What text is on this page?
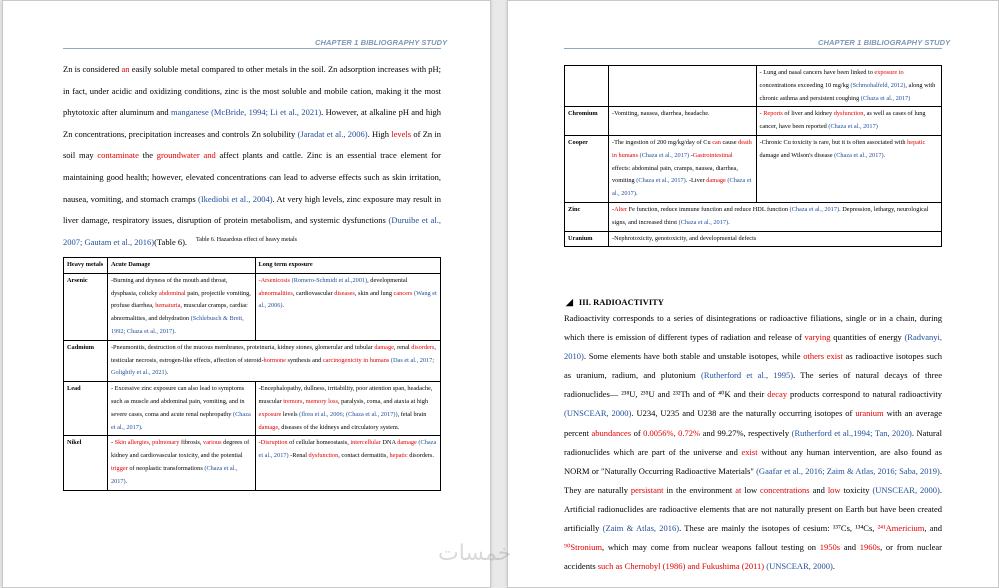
CHAPTER 1 BIBLIOGRAPHY STUDY
Zn is considered an easily soluble metal compared to other metals in the soil. Zn adsorption increases with pH; in fact, under acidic and oxidizing conditions, zinc is the most soluble and mobile cation, making it the most phytotoxic after aluminum and manganese (McBride, 1994; Li et al., 2021). However, at alkaline pH and high Zn concentrations, precipitation increases and controls Zn solubility (Jaradat et al., 2006). High levels of Zn in soil may contaminate the groundwater and affect plants and cattle. Zinc is an essential trace element for maintaining good health; however, elevated concentrations can lead to adverse effects such as skin irritation, nausea, vomiting, and stomach cramps (Ikediobi et al., 2004). At very high levels, zinc exposure may result in liver damage, respiratory issues, disruption of protein metabolism, and systemic dysfunctions (Duruibe et al., 2007; Gautam et al., 2016)(Table 6).	Table 6. Hazardous effect of heavy metals
Heavy metals	Acute Damage	Long term exposure
Arsenic	-Burning and dryness of the mouth and throat, dysphasia, colicky abdominal pain, projectile vomiting, profuse diarrhea, hematuria, muscular cramps, cardiac abnormalities, and dehydration (Schlebusch & Breit, 1992; Chaza et al., 2017).	-Arsenicosis (Romero-Schmidt et al.,2001), developmental abnormalities, cardiovascular diseases, skin and lung cancers (Wang et al., 2006).
Cadmium	-Pneumonitis, destruction of the mucous membranes, proteinuria, kidney stones, glomerular and tubular damage, renal disorders, testicular necrosis, estrogen-like effects, affection of steroid-hormone synthesis and carcinogenicity in humans (Das et al., 2017; Golightly et al., 2021).	
Lead	- Excessive zinc exposure can also lead to symptoms such as muscle and abdominal pain, vomiting, and in severe cases, coma and acute renal nephropathy (Chaza et al., 2017).	-Encephalopathy, dullness, irritability, poor attention span, headache, muscular tremors, memory loss, paralysis, coma, and ataxia at high exposure levels (flora et al., 2006; (Chaza et al., 2017)), fetal brain damage, diseases of the kidneys and circulatory system.
Nikel	- Skin allergies, pulmonary fibrosis, various degrees of kidney and cardiovascular toxicity, and the potential trigger of neoplastic transformations (Chaza et al., 2017).	-Disruption of cellular homeostasis, intercellular DNA damage (Chaza et al., 2017) -Renal dysfunction, contact dermatitis, hepatic disorders.
CHAPTER 1 BIBLIOGRAPHY STUDY
		- Lung and nasal cancers have been linked to exposure to concentrations exceeding 10 mg/kg (Schmohalfeld, 2012), along with chronic asthma and persistent coughing (Chaza et al., 2017)
Chromium	-Vomiting, nausea, diarrhea, headache.	- Reports of liver and kidney dysfunction, as well as cases of lung cancer, have been reported (Chaza et al., 2017)
Cooper	-The ingestion of 200 mg/kg/day of Cu can cause death in humans (Chaza et al., 2017) -Gastrointestinal effects: abdominal pain, cramps, nausea, diarrhea, vomiting (Chaza et al., 2017). -Liver damage (Chaza et al., 2017).	-Chronic Cu toxicity is rare, but it is often associated with hepatic damage and Wilson's disease (Chaza et al., 2017).
Zinc	-Alter Fe function, reduce immune function and reduce HDL function (Chaza et al., 2017). Depression, lethargy, neurological signs, and increased thirst (Chaza et al., 2017).	
Uranium	-Nephrotoxicity, genotoxicity, and developmental defects	
◢ III. RADIOACTIVITY
Radioactivity corresponds to a series of disintegrations or radioactive filiations, single or in a chain, during which there is emission of different types of radiation and release of varying quantities of energy (Radvanyi, 2010). Some elements have both stable and unstable isotopes, while others exist as radioactive isotopes such as uranium, radium, and plutonium (Rutherford et al., 1995). The series of natural decays of three radionuclides— ²³⁸U, ²³⁵U and ²³²Th and of ⁴⁰K and their decay products correspond to natural radioactivity (UNSCEAR, 2000). U234, U235 and U238 are the naturally occurring isotopes of uranium with an average percent abundances of 0.0056%, 0.72% and 99.27%, respectively (Rutherford et al.,1994; Tan, 2020). Natural radionuclides which are part of the universe and exist without any human intervention, are also found as NORM or "Naturally Occurring Radioactive Materials" (Gaafar et al., 2016; Zaim & Atlas, 2016; Saba, 2019). They are naturally persistant in the environment at low concentrations and low toxicity (UNSCEAR, 2000). Artificial radionuclides are radioactive elements that are not naturally present on Earth but have been created artificially (Zaim & Atlas, 2016). These are mainly the isotopes of cesium: ¹³⁷Cs, ¹³⁴Cs, ²⁴¹Americium, and ⁹⁰Stronium, which may come from nuclear weapons fallout testing on 1950s and 1960s, or from nuclear accidents such as Chernobyl (1986) and Fukushima (2011) (UNSCEAR, 2000).
خمسات
